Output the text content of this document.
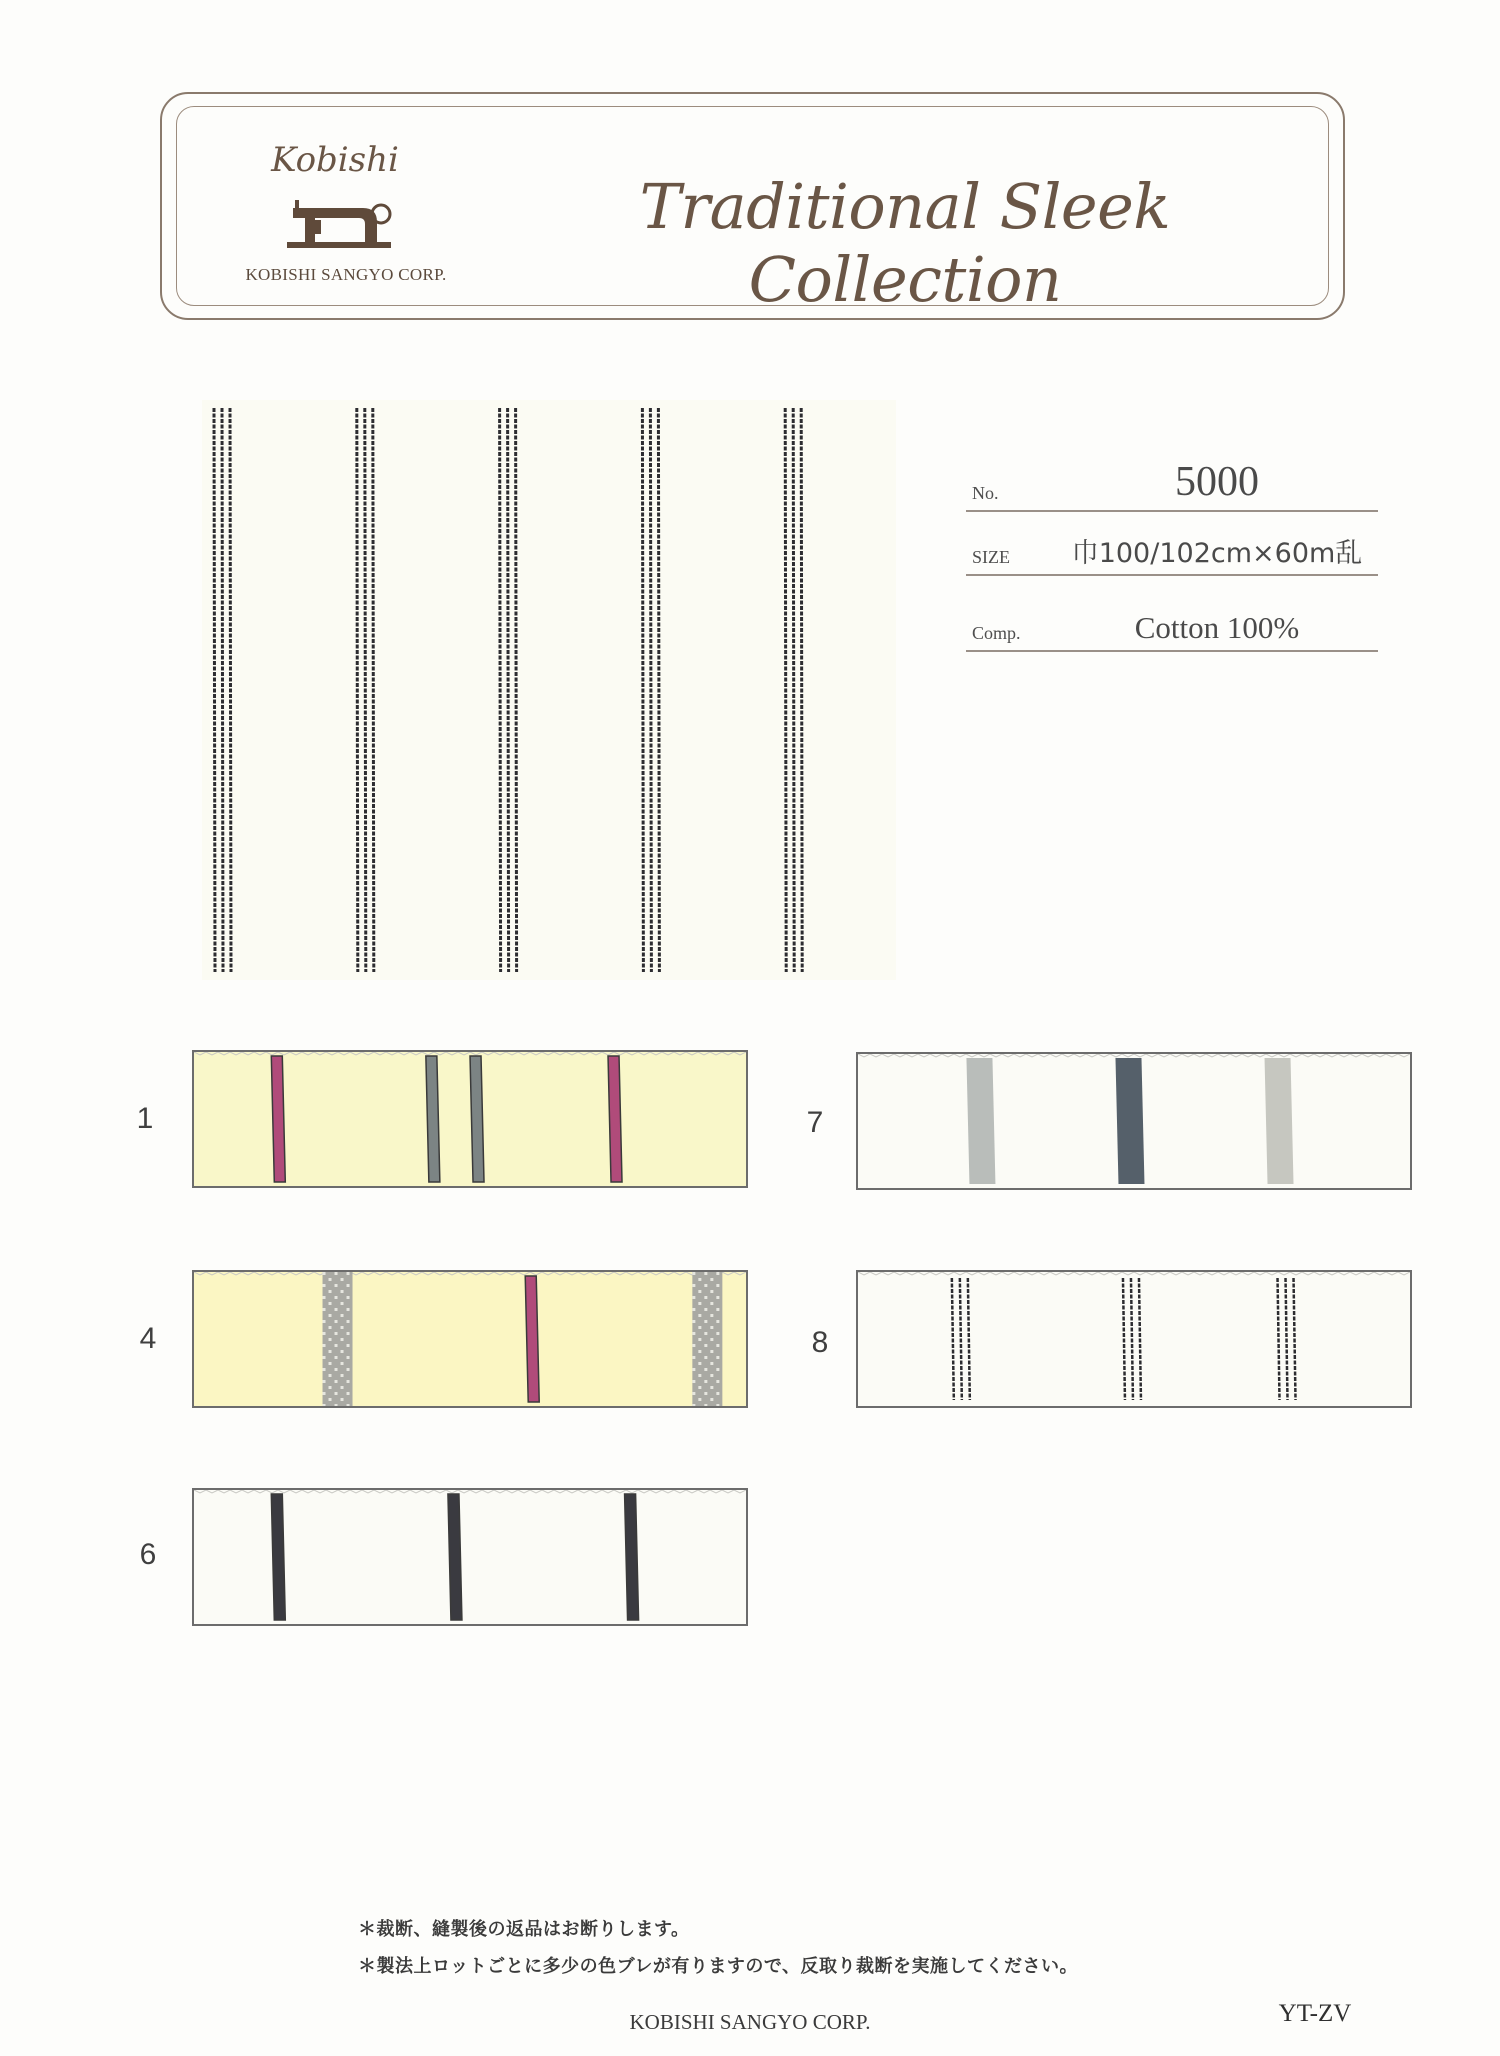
Kobishi
KOBISHI SANGYO CORP.
Traditional Sleek Collection
No.	5000
SIZE	巾100/102cm×60m乱
Comp.	Cotton 100%
1	7
4	8
6
＊裁断、縫製後の返品はお断りします。
＊製法上ロットごとに多少の色ブレが有りますので、反取り裁断を実施してください。
KOBISHI SANGYO CORP.	YT-ZV
